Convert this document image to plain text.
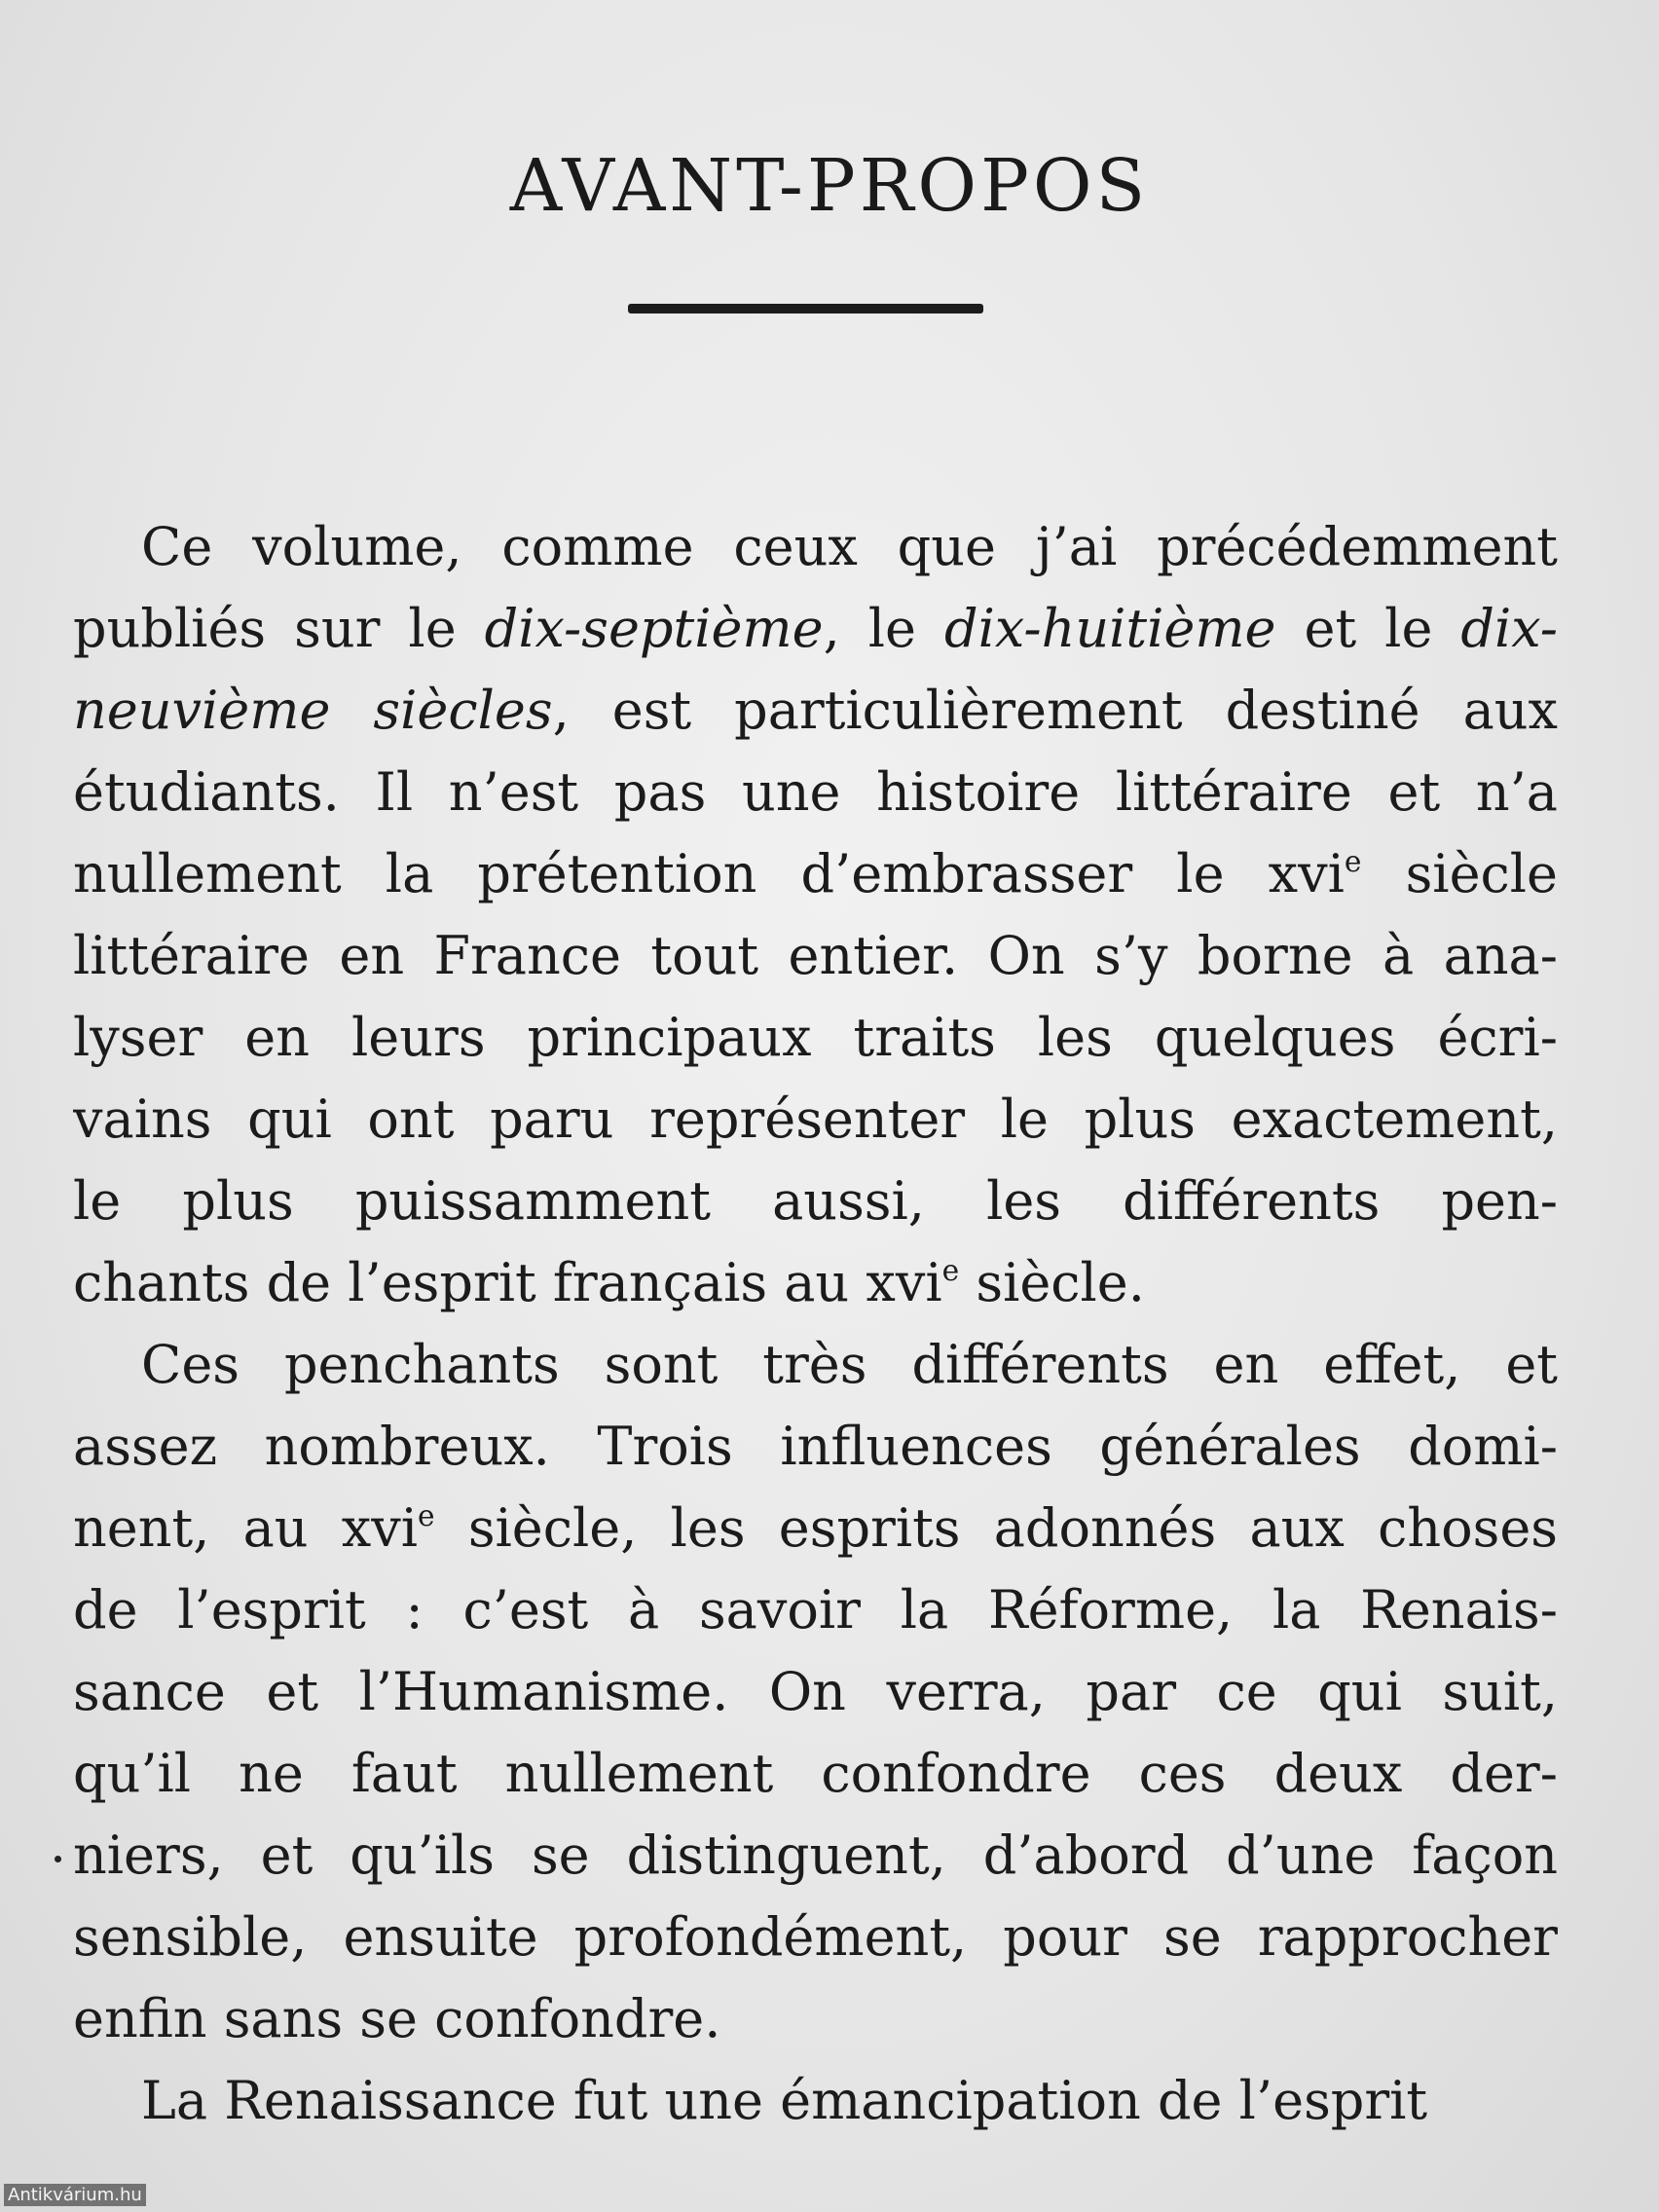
AVANT-PROPOS
Ce volume, comme ceux que j’ai précédemment
publiés sur le dix-septième, le dix-huitième et le dix-
neuvième siècles, est particulièrement destiné aux
étudiants. Il n’est pas une histoire littéraire et n’a
nullement la prétention d’embrasser le xvi$^e$ siècle
littéraire en France tout entier. On s’y borne à ana-
lyser en leurs principaux traits les quelques écri-
vains qui ont paru représenter le plus exactement,
le plus puissamment aussi, les différents pen-
chants de l’esprit français au xvi$^e$ siècle.
Ces penchants sont très différents en effet, et
assez nombreux. Trois influences générales domi-
nent, au xvi$^e$ siècle, les esprits adonnés aux choses
de l’esprit : c’est à savoir la Réforme, la Renais-
sance et l’Humanisme. On verra, par ce qui suit,
qu’il ne faut nullement confondre ces deux der-
niers, et qu’ils se distinguent, d’abord d’une façon
sensible, ensuite profondément, pour se rapprocher
enfin sans se confondre.
La Renaissance fut une émancipation de l’esprit
Antikvárium.hu
